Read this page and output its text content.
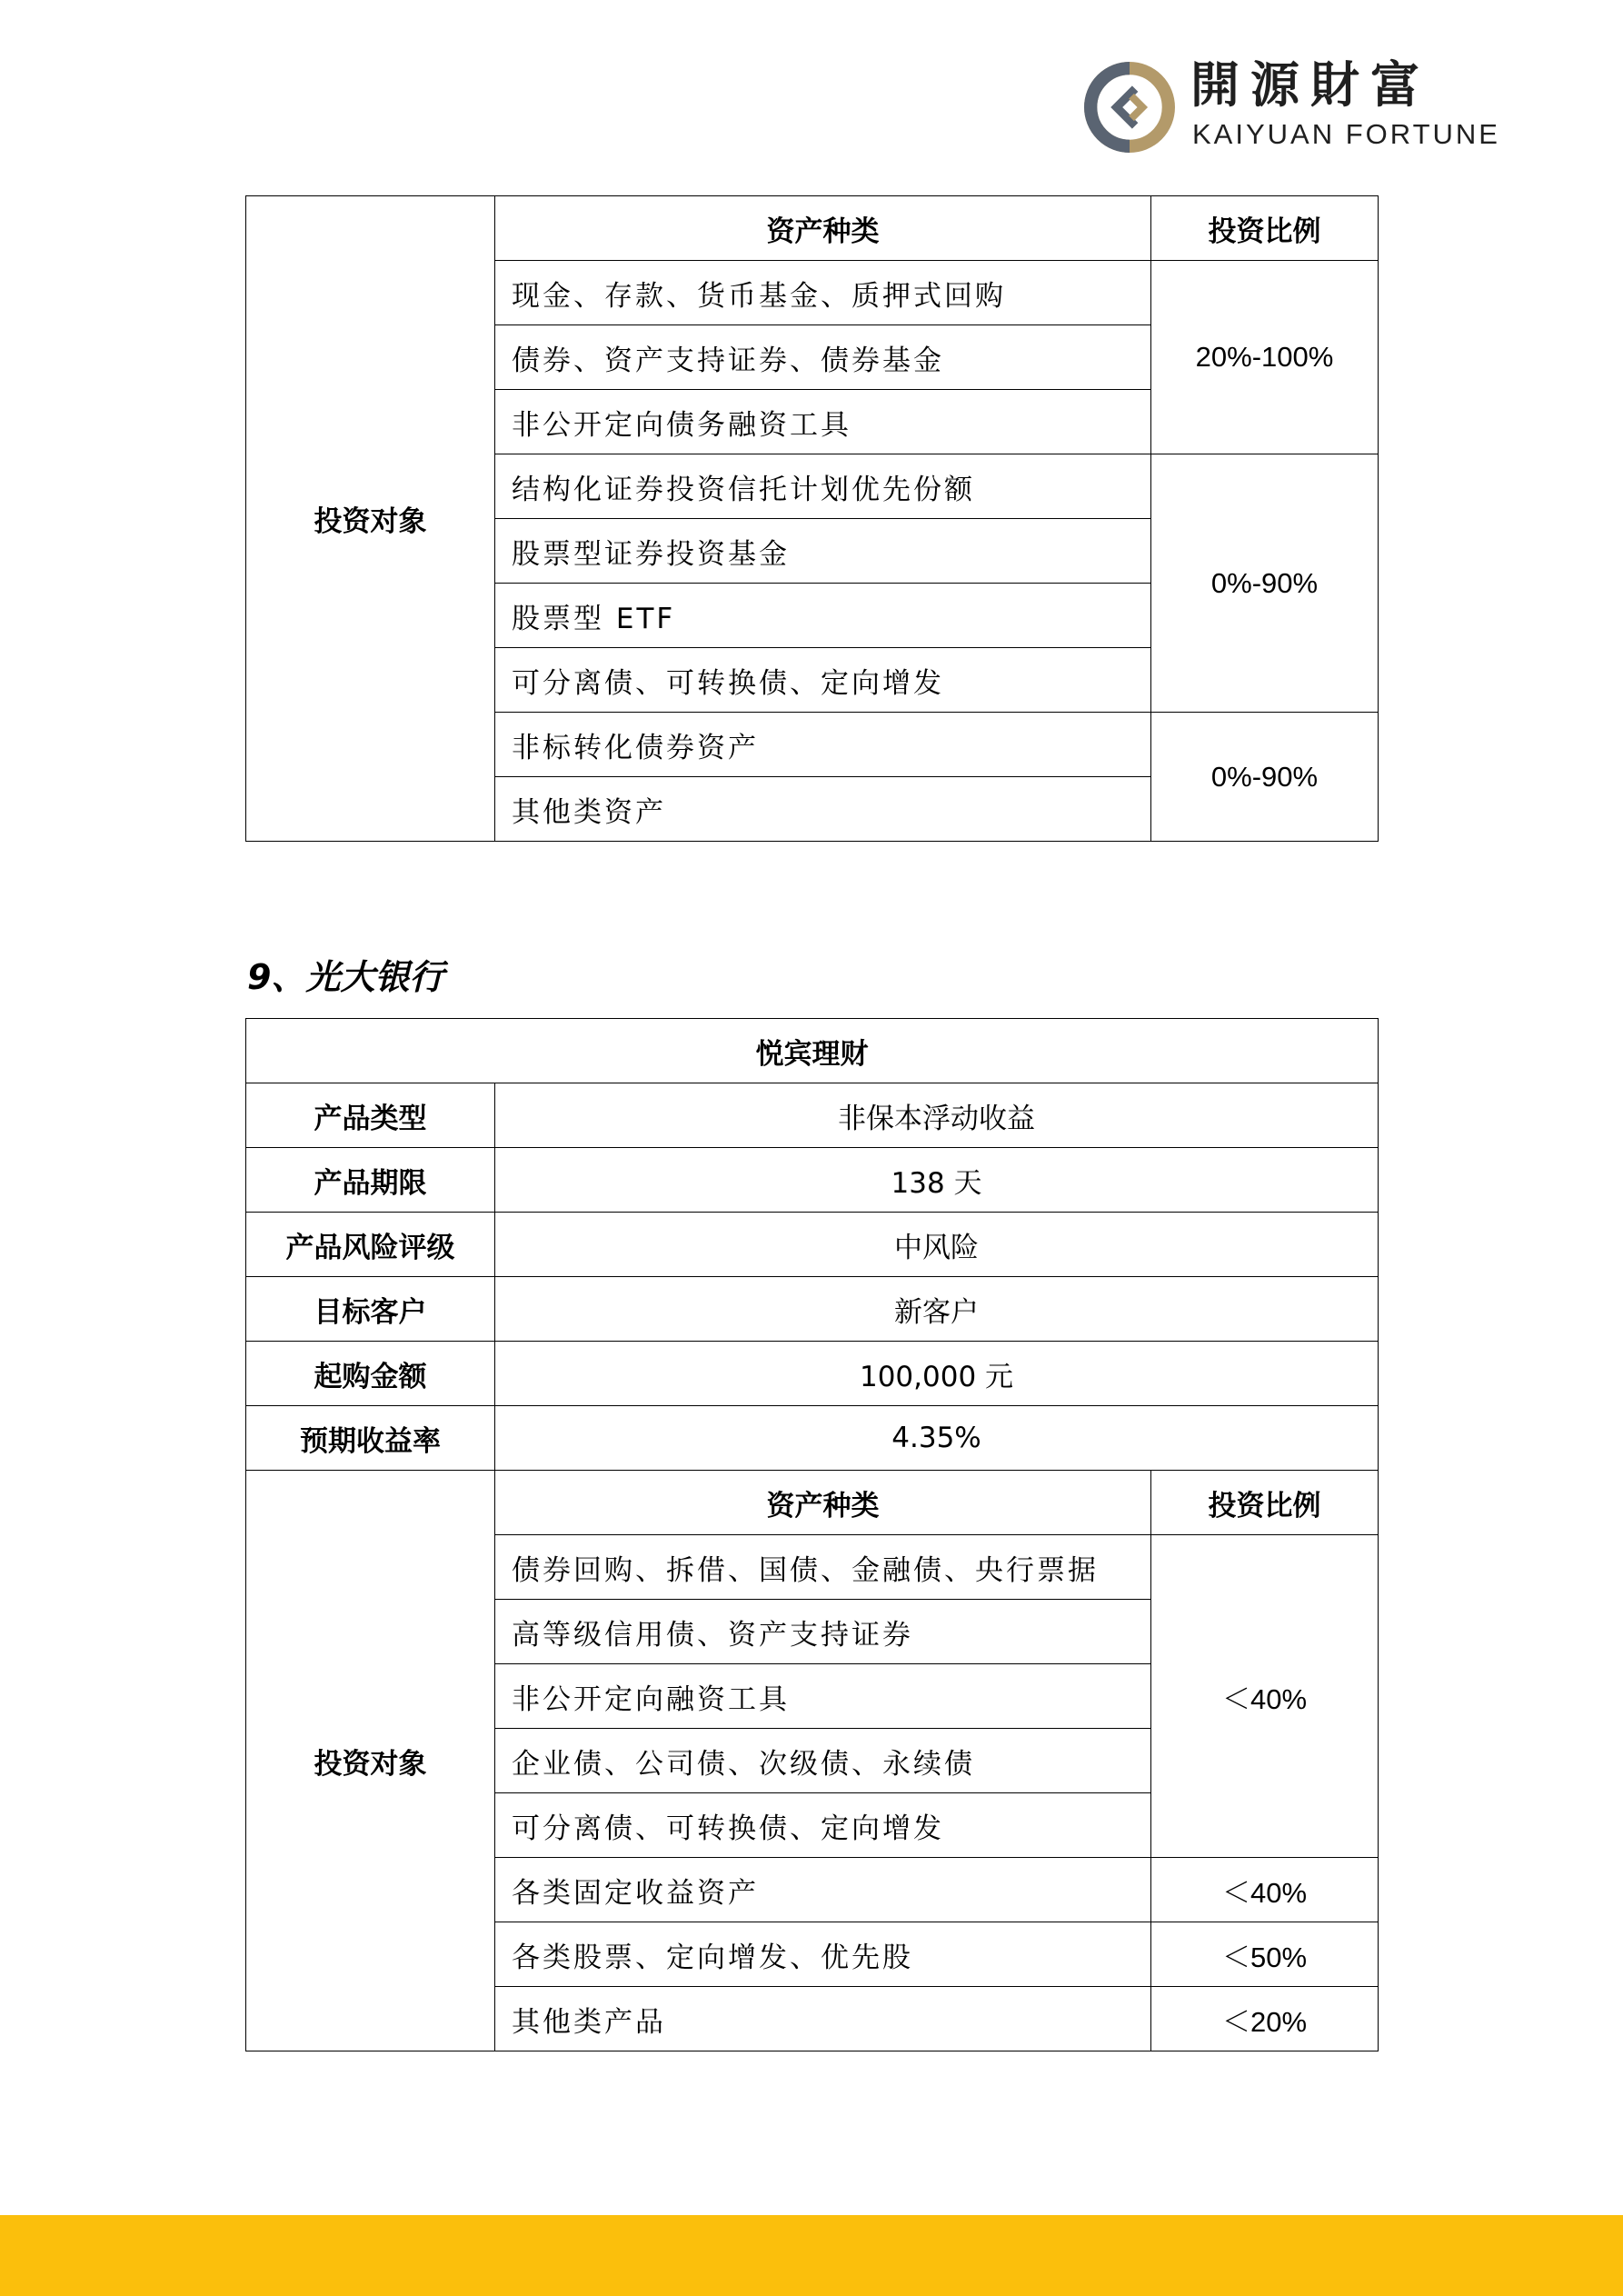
開源財富
KAIYUAN FORTUNE
投资对象	资产种类	投资比例
	现金、存款、货币基金、质押式回购	20%-100%
	债券、资产支持证券、债券基金	
	非公开定向债务融资工具	
	结构化证券投资信托计划优先份额	0%-90%
	股票型证券投资基金	
	股票型 ETF	
	可分离债、可转换债、定向增发	
	非标转化债券资产	0%-90%
	其他类资产	
9、光大银行
悦宾理财		
产品类型	非保本浮动收益	
产品期限	138 天	
产品风险评级	中风险	
目标客户	新客户	
起购金额	100,000 元	
预期收益率	4.35%	
投资对象	资产种类	投资比例
	债券回购、拆借、国债、金融债、央行票据	＜40%
	高等级信用债、资产支持证券	
	非公开定向融资工具	
	企业债、公司债、次级债、永续债	
	可分离债、可转换债、定向增发	
	各类固定收益资产	＜40%
	各类股票、定向增发、优先股	＜50%
	其他类产品	＜20%
